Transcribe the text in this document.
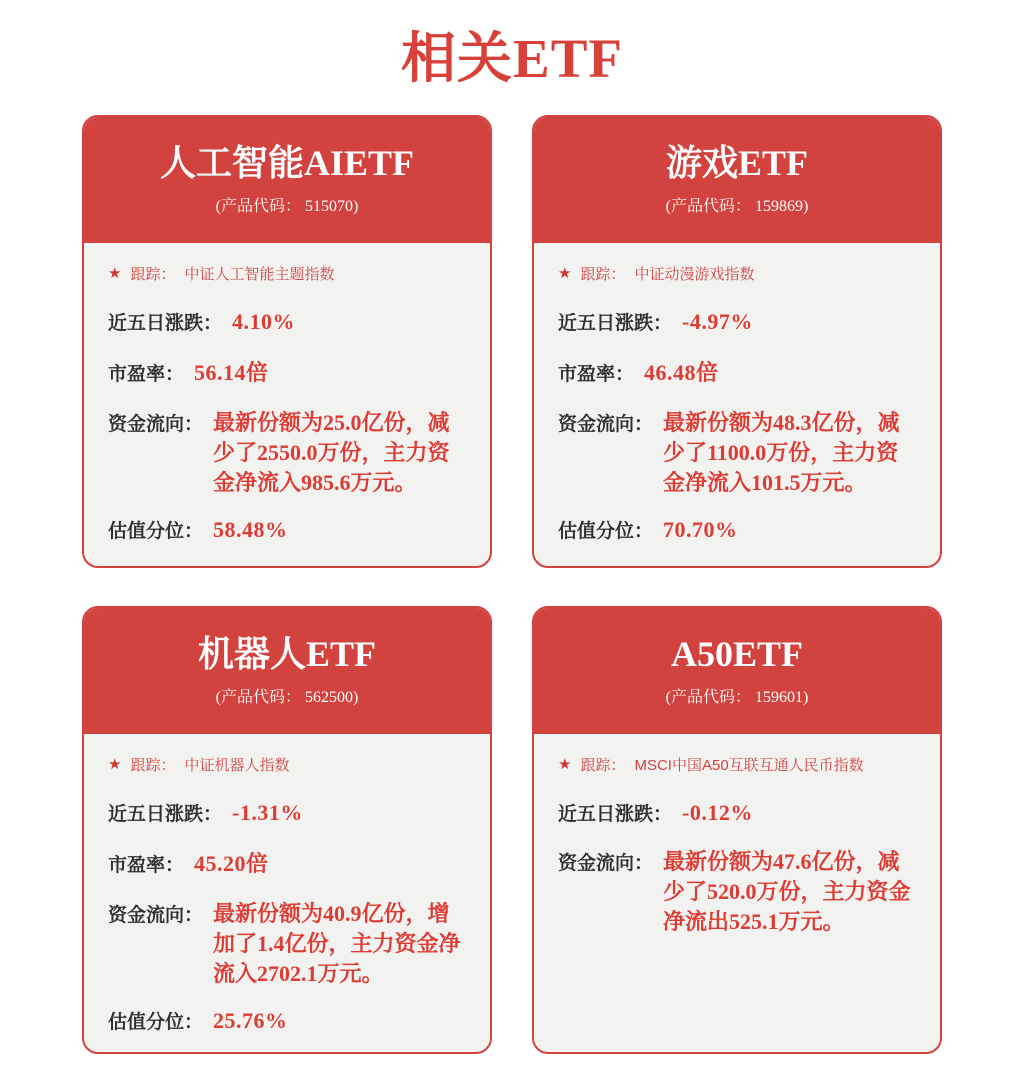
相关ETF
人工智能AIETF
(产品代码： 515070)
★ 跟踪： 中证人工智能主题指数
近五日涨跌： 4.10%
市盈率： 56.14倍
资金流向： 最新份额为25.0亿份，减少了2550.0万份，主力资金净流入985.6万元。
估值分位： 58.48%
游戏ETF
(产品代码： 159869)
★ 跟踪： 中证动漫游戏指数
近五日涨跌： -4.97%
市盈率： 46.48倍
资金流向： 最新份额为48.3亿份，减少了1100.0万份，主力资金净流入101.5万元。
估值分位： 70.70%
机器人ETF
(产品代码： 562500)
★ 跟踪： 中证机器人指数
近五日涨跌： -1.31%
市盈率： 45.20倍
资金流向： 最新份额为40.9亿份，增加了1.4亿份，主力资金净流入2702.1万元。
估值分位： 25.76%
A50ETF
(产品代码： 159601)
★ 跟踪： MSCI中国A50互联互通人民币指数
近五日涨跌： -0.12%
资金流向： 最新份额为47.6亿份，减少了520.0万份，主力资金净流出525.1万元。
